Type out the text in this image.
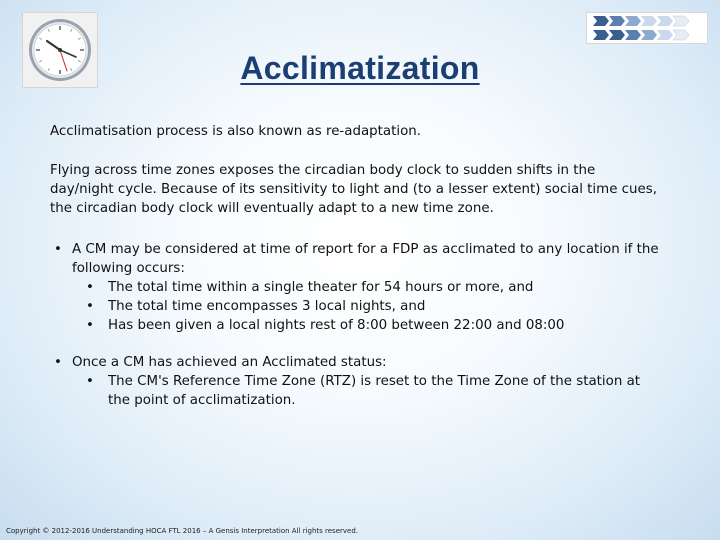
Acclimatization

Acclimatisation process is also known as re-adaptation.

Flying across time zones exposes the circadian body clock to sudden shifts in the day/night cycle. Because of its sensitivity to light and (to a lesser extent) social time cues, the circadian body clock will eventually adapt to a new time zone.

• A CM may be considered at time of report for a FDP as acclimated to any location if the following occurs:
• The total time within a single theater for 54 hours or more, and
• The total time encompasses 3 local nights, and
• Has been given a local nights rest of 8:00 between 22:00 and 08:00
• Once a CM has achieved an Acclimated status:
• The CM's Reference Time Zone (RTZ) is reset to the Time Zone of the station at the point of acclimatization.
Copyright © 2012-2016 Understanding HOCA FTL 2016 – A Gensis Interpretation All rights reserved.
